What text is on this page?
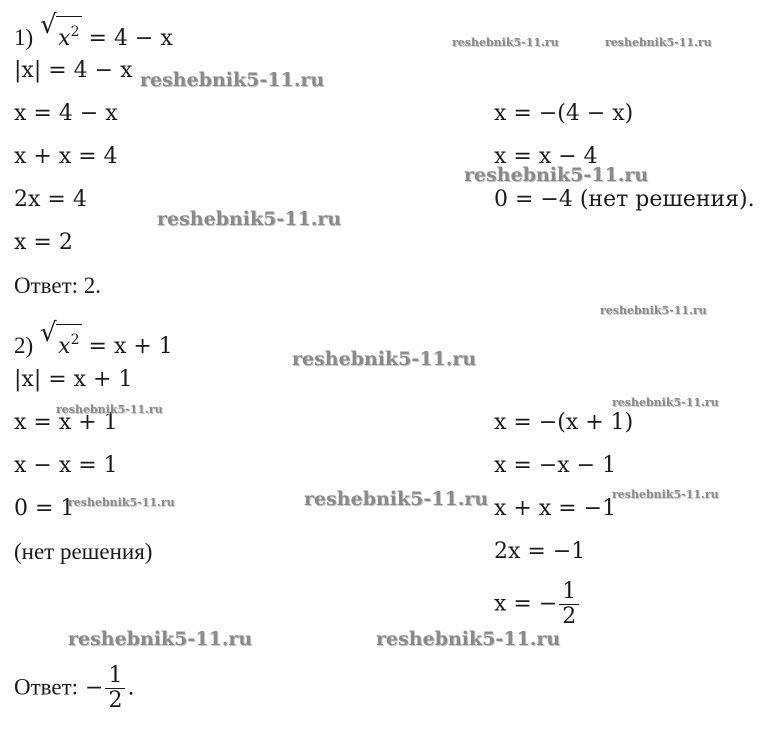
1) √ $x^2 = 4 - x$
|x| = 4 − x
x = 4 − x
x + x = 4
2x = 4
x = 2
Ответ: 2.
x = −(4 − x)
x = x − 4
0 = −4 (нет решения).
2) √ $x^2 = x + 1$
|x| = x + 1
x = x + 1
x − x = 1
0 = 1
(нет решения)
x = −(x + 1)
x = −x − 1
x + x = −1
2x = −1
x = − $\frac{1}{2}$
Ответ: − $\frac{1}{2}$ .
reshebnik5-11.ru	reshebnik5-11.ru
reshebnik5-11.ru
reshebnik5-11.ru
reshebnik5-11.ru
reshebnik5-11.ru
reshebnik5-11.ru
reshebnik5-11.ru
reshebnik5-11.ru
reshebnik5-11.ru	reshebnik5-11.ru	reshebnik5-11.ru
reshebnik5-11.ru	reshebnik5-11.ru
